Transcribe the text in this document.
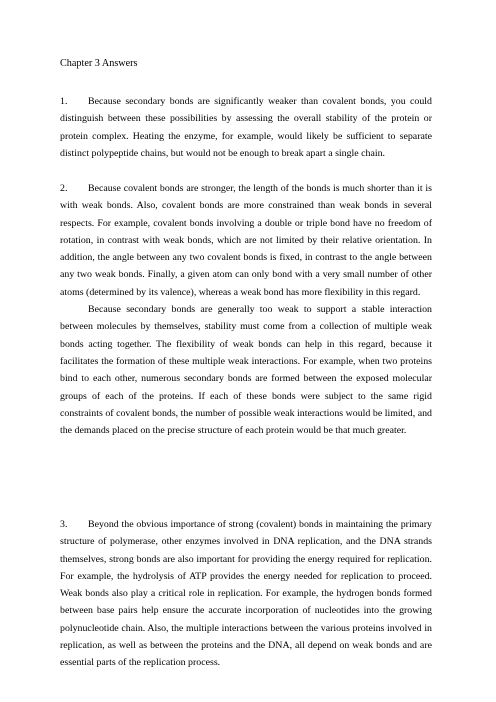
Chapter 3 Answers

1. Because secondary bonds are significantly weaker than covalent bonds, you could distinguish between these possibilities by assessing the overall stability of the protein or protein complex. Heating the enzyme, for example, would likely be sufficient to separate distinct polypeptide chains, but would not be enough to break apart a single chain.

2. Because covalent bonds are stronger, the length of the bonds is much shorter than it is with weak bonds. Also, covalent bonds are more constrained than weak bonds in several respects. For example, covalent bonds involving a double or triple bond have no freedom of rotation, in contrast with weak bonds, which are not limited by their relative orientation. In addition, the angle between any two covalent bonds is fixed, in contrast to the angle between any two weak bonds. Finally, a given atom can only bond with a very small number of other atoms (determined by its valence), whereas a weak bond has more flexibility in this regard.

Because secondary bonds are generally too weak to support a stable interaction between molecules by themselves, stability must come from a collection of multiple weak bonds acting together. The flexibility of weak bonds can help in this regard, because it facilitates the formation of these multiple weak interactions. For example, when two proteins bind to each other, numerous secondary bonds are formed between the exposed molecular groups of each of the proteins. If each of these bonds were subject to the same rigid constraints of covalent bonds, the number of possible weak interactions would be limited, and the demands placed on the precise structure of each protein would be that much greater.

3. Beyond the obvious importance of strong (covalent) bonds in maintaining the primary structure of polymerase, other enzymes involved in DNA replication, and the DNA strands themselves, strong bonds are also important for providing the energy required for replication. For example, the hydrolysis of ATP provides the energy needed for replication to proceed. Weak bonds also play a critical role in replication. For example, the hydrogen bonds formed between base pairs help ensure the accurate incorporation of nucleotides into the growing polynucleotide chain. Also, the multiple interactions between the various proteins involved in replication, as well as between the proteins and the DNA, all depend on weak bonds and are essential parts of the replication process.
